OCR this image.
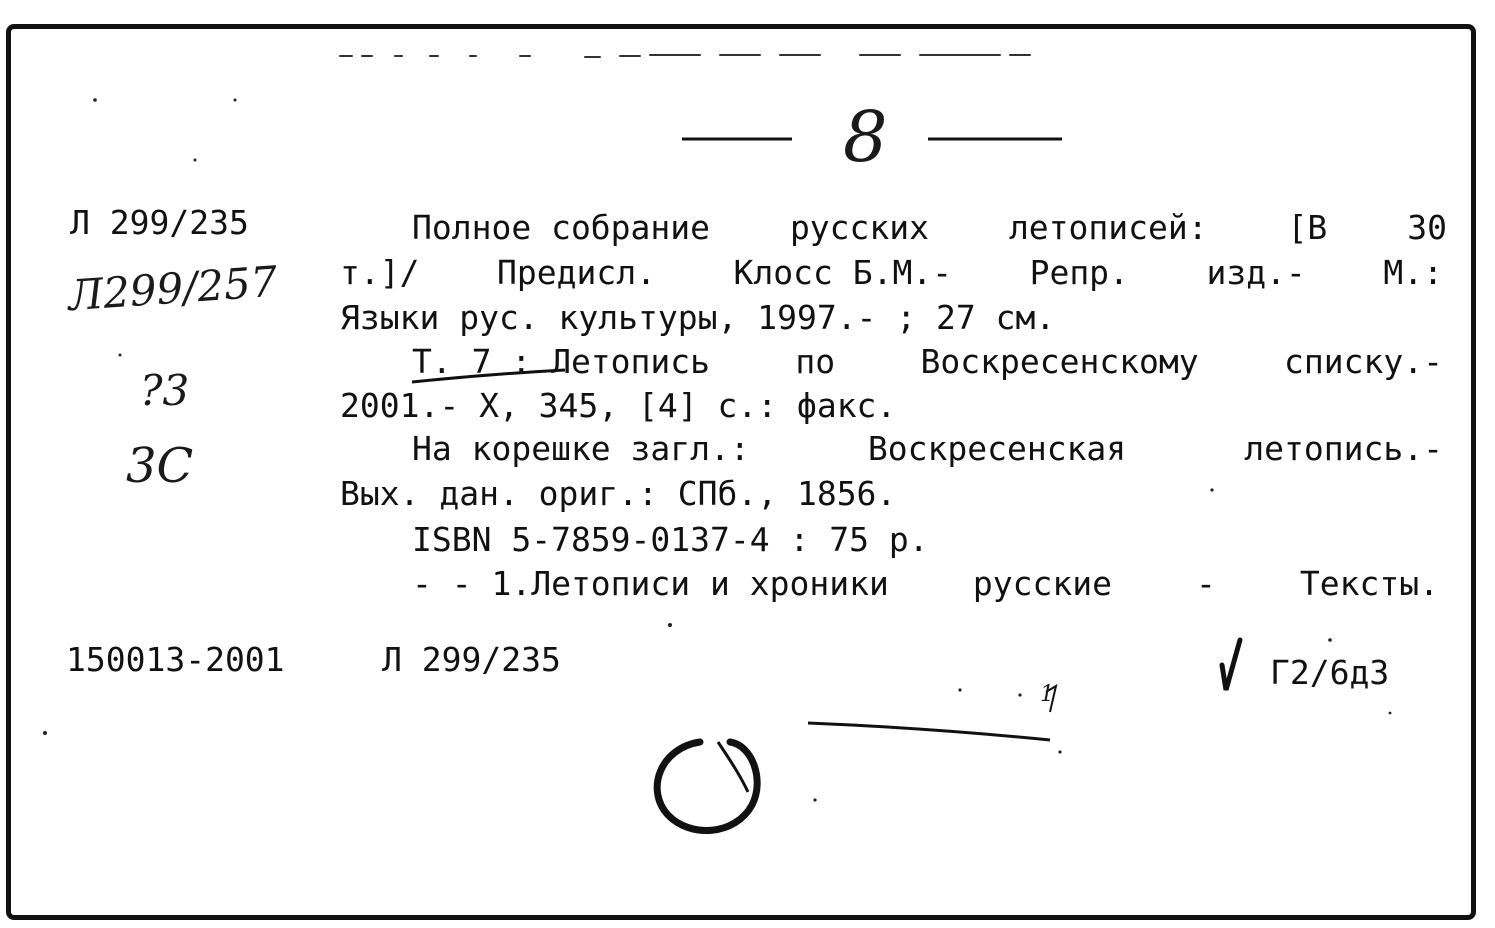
8
Л 299/235
Л299/257
?3
3С
Полное собрание русских летописей: [В 30
т.]/ Предисл. Клосс Б.М.- Репр. изд.- М.:
Языки рус. культуры, 1997.- ; 27 см.
Т. 7 : Летопись	по	Воскресенскому	списку.-
2001.- X, 345, [4] с.: факс.
На корешке загл.:	Воскресенская	летопись.-
Вых. дан. ориг.: СПб., 1856.
ISBN 5-7859-0137-4 : 75 р.
- - 1.Летописи и хроники	русские	-	Тексты.
150013-2001	Л 299/235	Г2/6д3
1
